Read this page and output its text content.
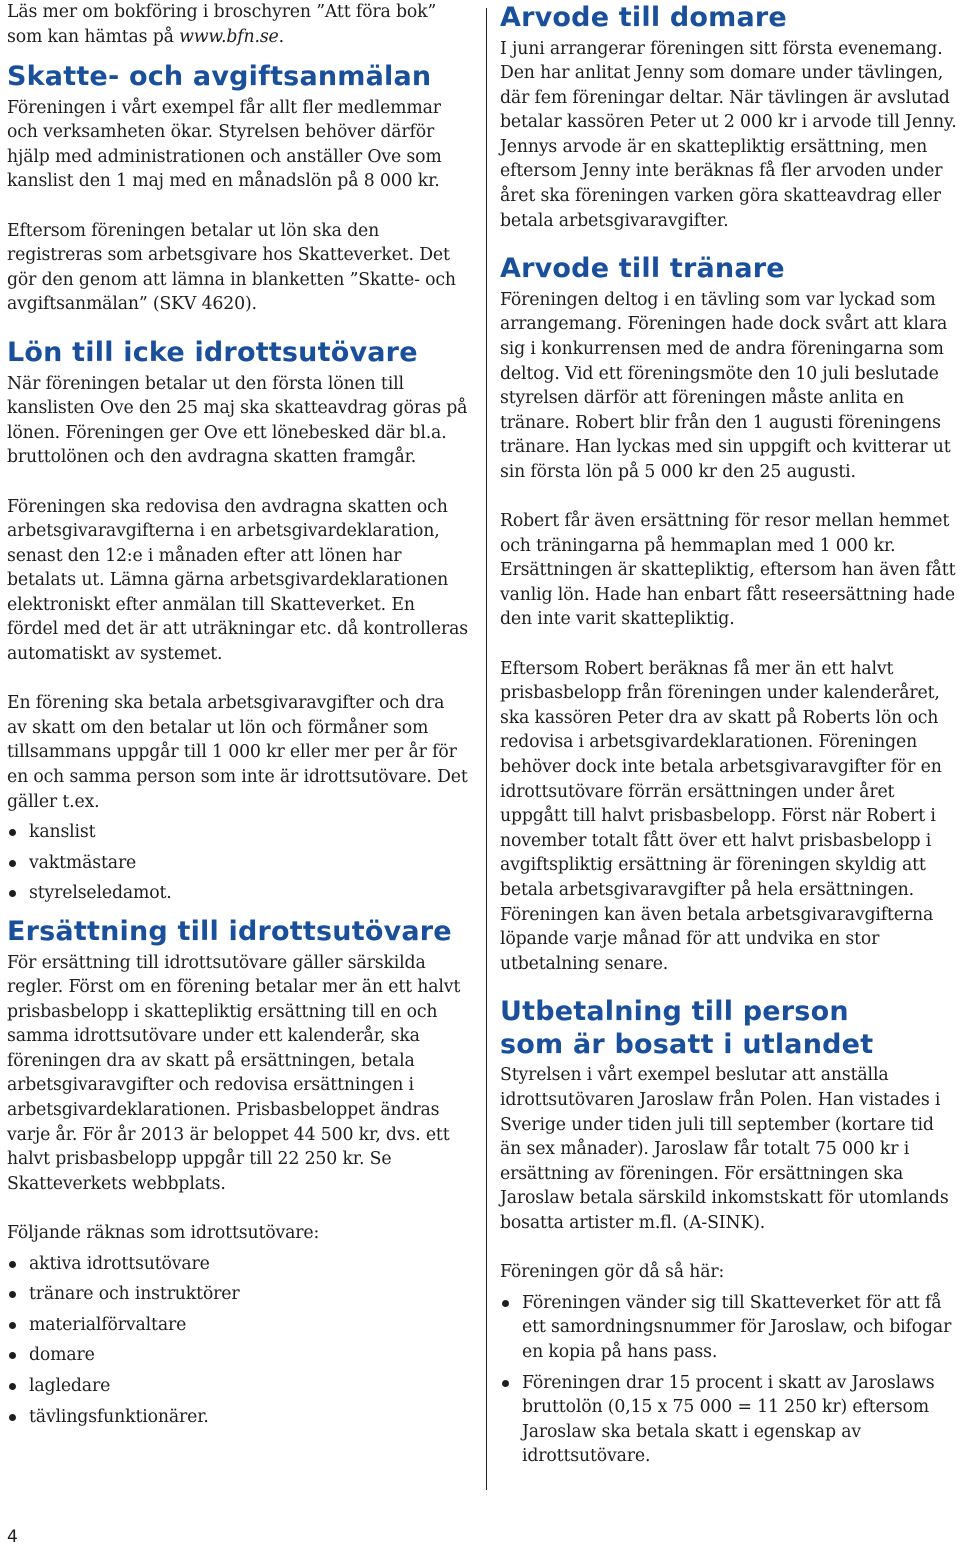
Läs mer om bokföring i broschyren ”Att föra bok” som kan hämtas på www.bfn.se.

Skatte- och avgiftsanmälan

Föreningen i vårt exempel får allt fler medlemmar och verksamheten ökar. Styrelsen behöver därför hjälp med administrationen och anställer Ove som kanslist den 1 maj med en månadslön på 8 000 kr.

Eftersom föreningen betalar ut lön ska den registreras som arbetsgivare hos Skatteverket. Det gör den genom att lämna in blanketten ”Skatte- och avgiftsanmälan” (SKV 4620).

Lön till icke idrottsutövare

När föreningen betalar ut den första lönen till kanslisten Ove den 25 maj ska skatteavdrag göras på lönen. Föreningen ger Ove ett lönebesked där bl.a. bruttolönen och den avdragna skatten framgår.

Föreningen ska redovisa den avdragna skatten och arbetsgivaravgifterna i en arbetsgivardeklaration, senast den 12:e i månaden efter att lönen har betalats ut. Lämna gärna arbetsgivardeklarationen elektroniskt efter anmälan till Skatteverket. En fördel med det är att uträkningar etc. då kontrolleras automatiskt av systemet.

En förening ska betala arbetsgivaravgifter och dra av skatt om den betalar ut lön och förmåner som tillsammans uppgår till 1 000 kr eller mer per år för en och samma person som inte är idrottsutövare. Det gäller t.ex.

kanslist
vaktmästare
styrelseledamot.
Ersättning till idrottsutövare

För ersättning till idrottsutövare gäller särskilda regler. Först om en förening betalar mer än ett halvt prisbasbelopp i skattepliktig ersättning till en och samma idrottsutövare under ett kalenderår, ska föreningen dra av skatt på ersättningen, betala arbetsgivaravgifter och redovisa ersättningen i arbetsgivardeklarationen. Prisbasbeloppet ändras varje år. För år 2013 är beloppet 44 500 kr, dvs. ett halvt prisbasbelopp uppgår till 22 250 kr. Se Skatteverkets webbplats.

Följande räknas som idrottsutövare:

aktiva idrottsutövare
tränare och instruktörer
materialförvaltare
domare
lagledare
tävlingsfunktionärer.
Arvode till domare

I juni arrangerar föreningen sitt första evenemang. Den har anlitat Jenny som domare under tävlingen, där fem föreningar deltar. När tävlingen är avslutad betalar kassören Peter ut 2 000 kr i arvode till Jenny. Jennys arvode är en skattepliktig ersättning, men eftersom Jenny inte beräknas få fler arvoden under året ska föreningen varken göra skatteavdrag eller betala arbetsgivaravgifter.

Arvode till tränare

Föreningen deltog i en tävling som var lyckad som arrangemang. Föreningen hade dock svårt att klara sig i konkurrensen med de andra föreningarna som deltog. Vid ett föreningsmöte den 10 juli beslutade styrelsen därför att föreningen måste anlita en tränare. Robert blir från den 1 augusti föreningens tränare. Han lyckas med sin uppgift och kvitterar ut sin första lön på 5 000 kr den 25 augusti.

Robert får även ersättning för resor mellan hemmet och träningarna på hemmaplan med 1 000 kr. Ersättningen är skattepliktig, eftersom han även fått vanlig lön. Hade han enbart fått reseersättning hade den inte varit skattepliktig.

Eftersom Robert beräknas få mer än ett halvt prisbasbelopp från föreningen under kalenderåret, ska kassören Peter dra av skatt på Roberts lön och redovisa i arbetsgivardeklarationen. Föreningen behöver dock inte betala arbetsgivaravgifter för en idrottsutövare förrän ersättningen under året uppgått till halvt prisbasbelopp. Först när Robert i november totalt fått över ett halvt prisbasbelopp i avgiftspliktig ersättning är föreningen skyldig att betala arbetsgivaravgifter på hela ersättningen. Föreningen kan även betala arbetsgivaravgifterna löpande varje månad för att undvika en stor utbetalning senare.

Utbetalning till person
som är bosatt i utlandet

Styrelsen i vårt exempel beslutar att anställa idrottsutövaren Jaroslaw från Polen. Han vistades i Sverige under tiden juli till september (kortare tid än sex månader). Jaroslaw får totalt 75 000 kr i ersättning av föreningen. För ersättningen ska Jaroslaw betala särskild inkomstskatt för utomlands bosatta artister m.fl. (A-SINK).

Föreningen gör då så här:

Föreningen vänder sig till Skatteverket för att få ett samordningsnummer för Jaroslaw, och bifogar en kopia på hans pass.
Föreningen drar 15 procent i skatt av Jaroslaws bruttolön (0,15 x 75 000 = 11 250 kr) eftersom Jaroslaw ska betala skatt i egenskap av idrottsutövare.
4
